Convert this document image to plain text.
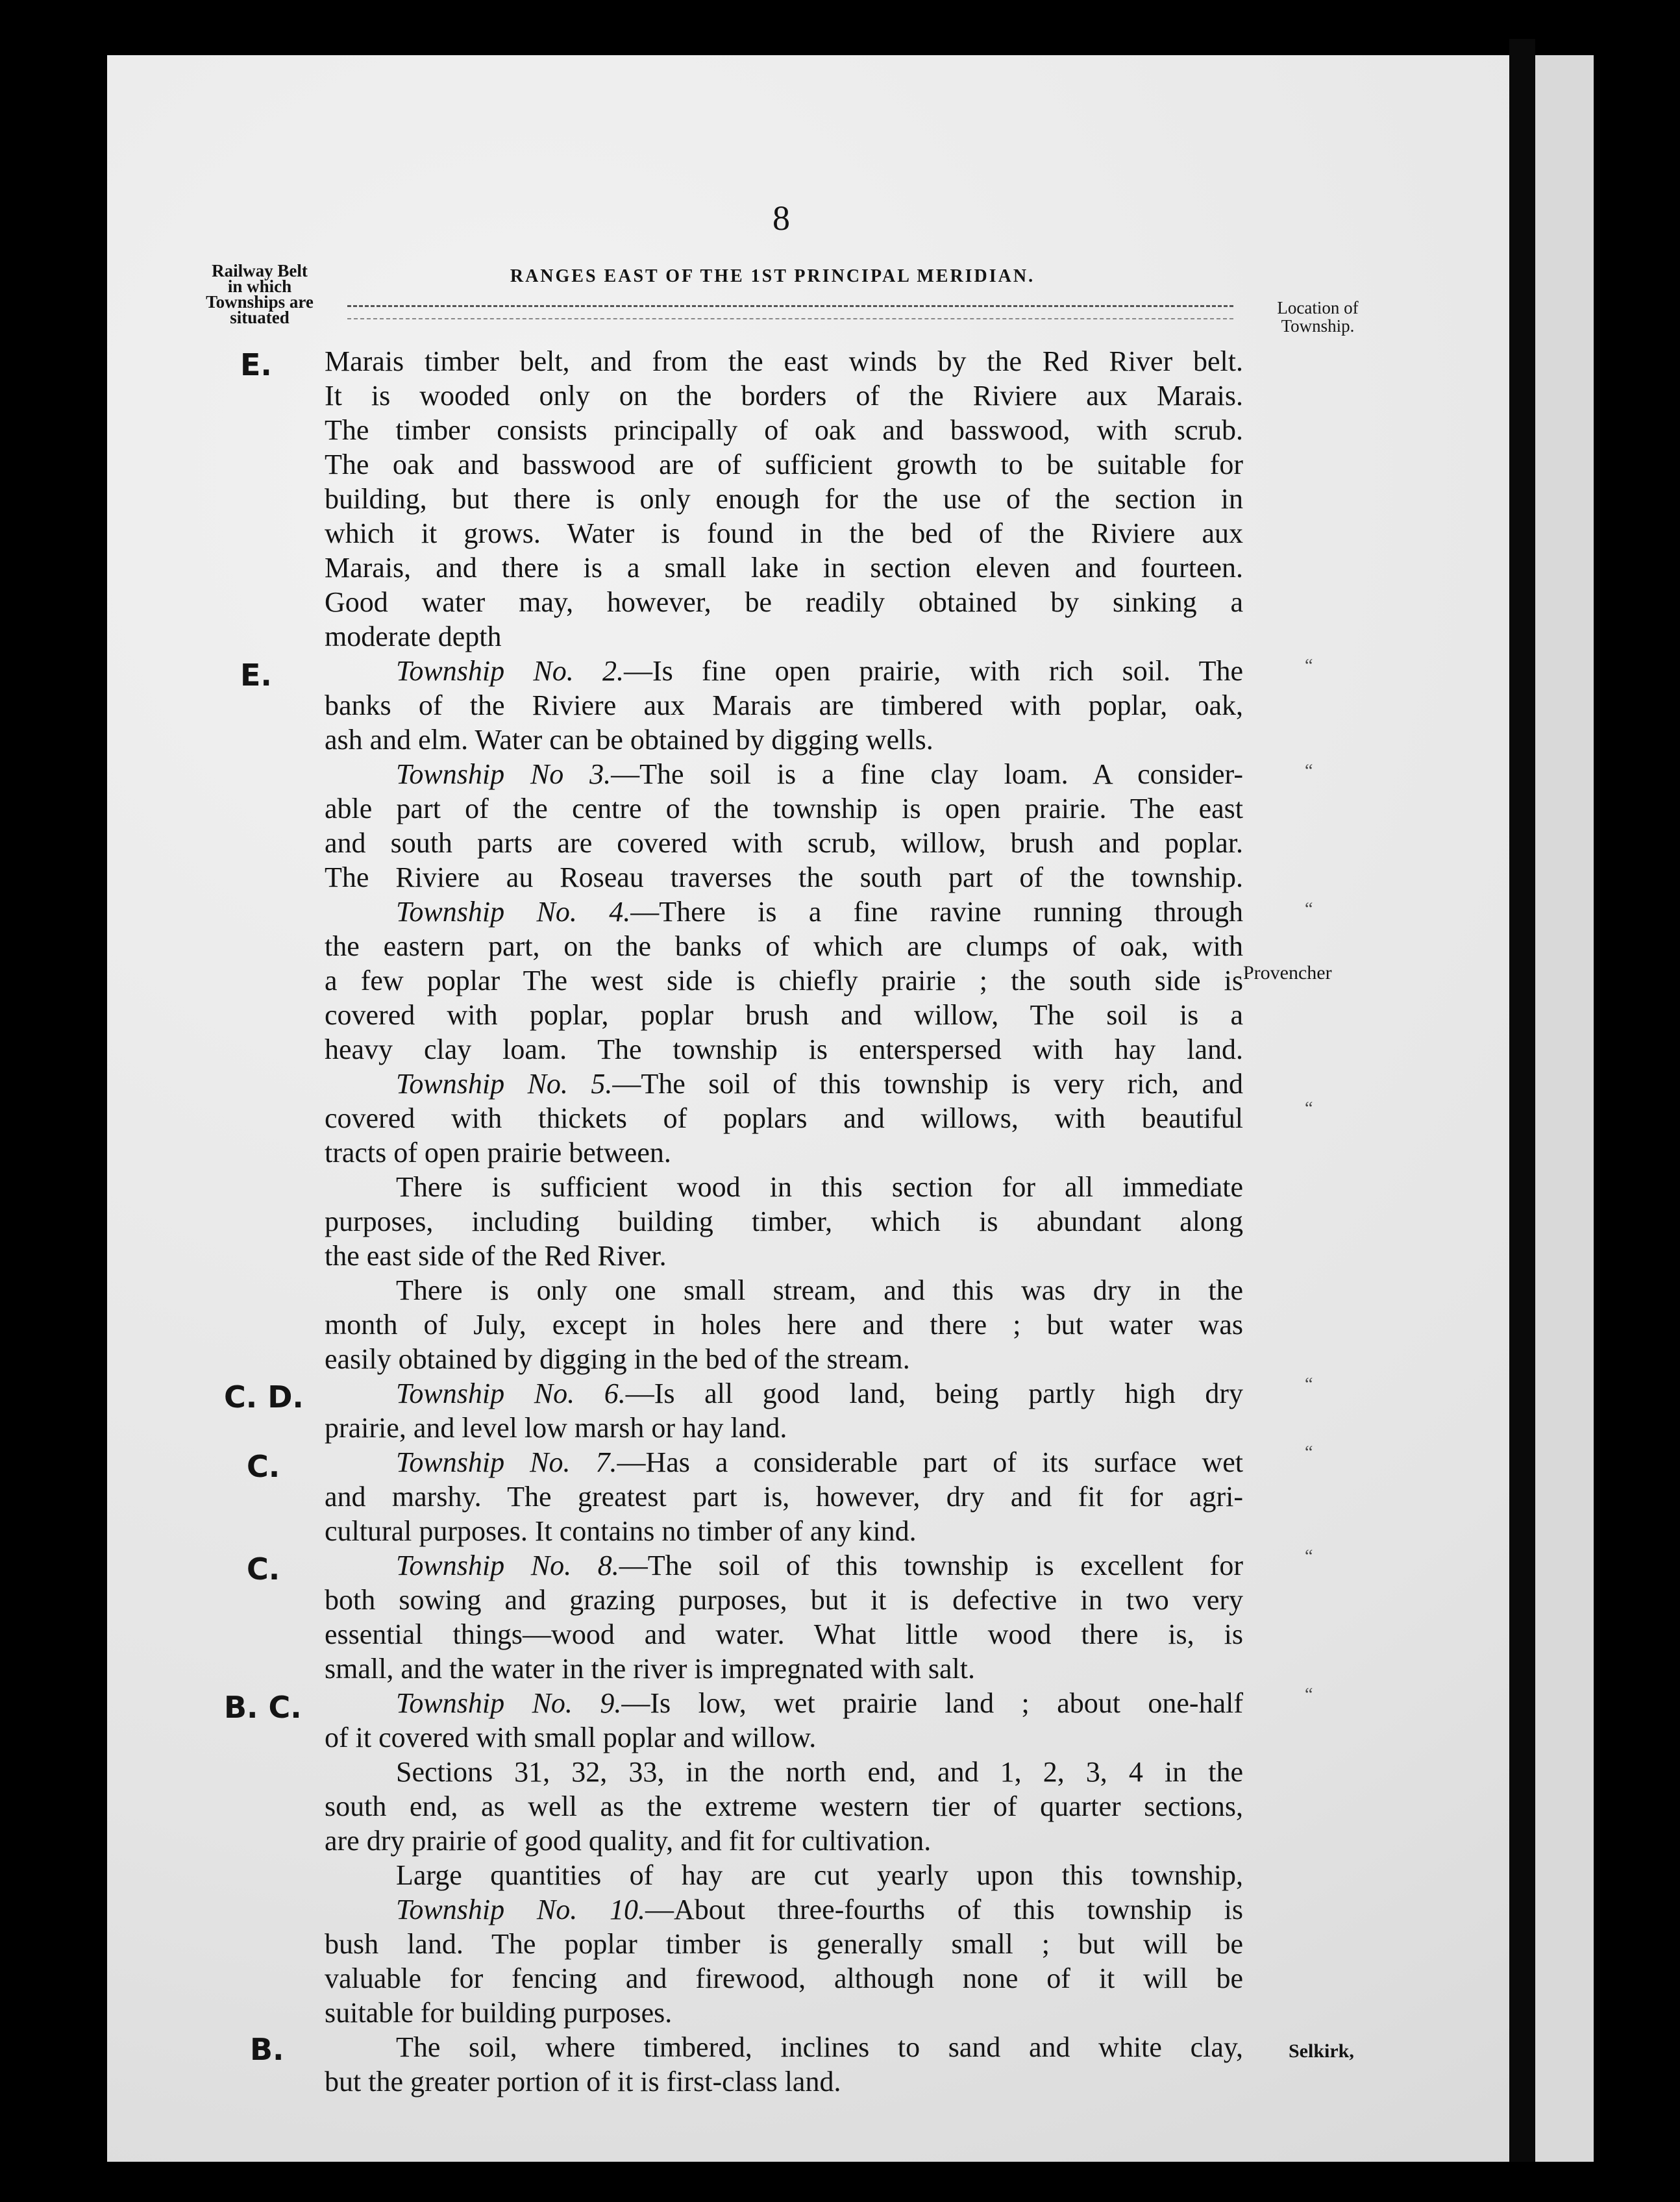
8
Railway Belt
in which
Townships are
situated
RANGES EAST OF THE 1ST PRINCIPAL MERIDIAN.
Location of
Township.
E.
E.
C. D.
C.
C.
B. C.
B.
Provencher
Selkirk,
“
“
“
“
“
“
“
“
Marais timber belt, and from the east winds by the Red River belt.
It is wooded only on the borders of the Riviere aux Marais.
The timber consists principally of oak and basswood, with scrub.
The oak and basswood are of sufficient growth to be suitable for
building, but there is only enough for the use of the section in
which it grows. Water is found in the bed of the Riviere aux
Marais, and there is a small lake in section eleven and fourteen.
Good water may, however, be readily obtained by sinking a
moderate depth
Township No. 2.—Is fine open prairie, with rich soil. The
banks of the Riviere aux Marais are timbered with poplar, oak,
ash and elm. Water can be obtained by digging wells.
Township No 3.—The soil is a fine clay loam. A consider-
able part of the centre of the township is open prairie. The east
and south parts are covered with scrub, willow, brush and poplar.
The Riviere au Roseau traverses the south part of the township.
Township No. 4.—There is a fine ravine running through
the eastern part, on the banks of which are clumps of oak, with
a few poplar The west side is chiefly prairie ; the south side is
covered with poplar, poplar brush and willow, The soil is a
heavy clay loam. The township is enterspersed with hay land.
Township No. 5.—The soil of this township is very rich, and
covered with thickets of poplars and willows, with beautiful
tracts of open prairie between.
There is sufficient wood in this section for all immediate
purposes, including building timber, which is abundant along
the east side of the Red River.
There is only one small stream, and this was dry in the
month of July, except in holes here and there ; but water was
easily obtained by digging in the bed of the stream.
Township No. 6.—Is all good land, being partly high dry
prairie, and level low marsh or hay land.
Township No. 7.—Has a considerable part of its surface wet
and marshy. The greatest part is, however, dry and fit for agri-
cultural purposes. It contains no timber of any kind.
Township No. 8.—The soil of this township is excellent for
both sowing and grazing purposes, but it is defective in two very
essential things—wood and water. What little wood there is, is
small, and the water in the river is impregnated with salt.
Township No. 9.—Is low, wet prairie land ; about one-half
of it covered with small poplar and willow.
Sections 31, 32, 33, in the north end, and 1, 2, 3, 4 in the
south end, as well as the extreme western tier of quarter sections,
are dry prairie of good quality, and fit for cultivation.
Large quantities of hay are cut yearly upon this township,
Township No. 10.—About three-fourths of this township is
bush land. The poplar timber is generally small ; but will be
valuable for fencing and firewood, although none of it will be
suitable for building purposes.
The soil, where timbered, inclines to sand and white clay,
but the greater portion of it is first-class land.
